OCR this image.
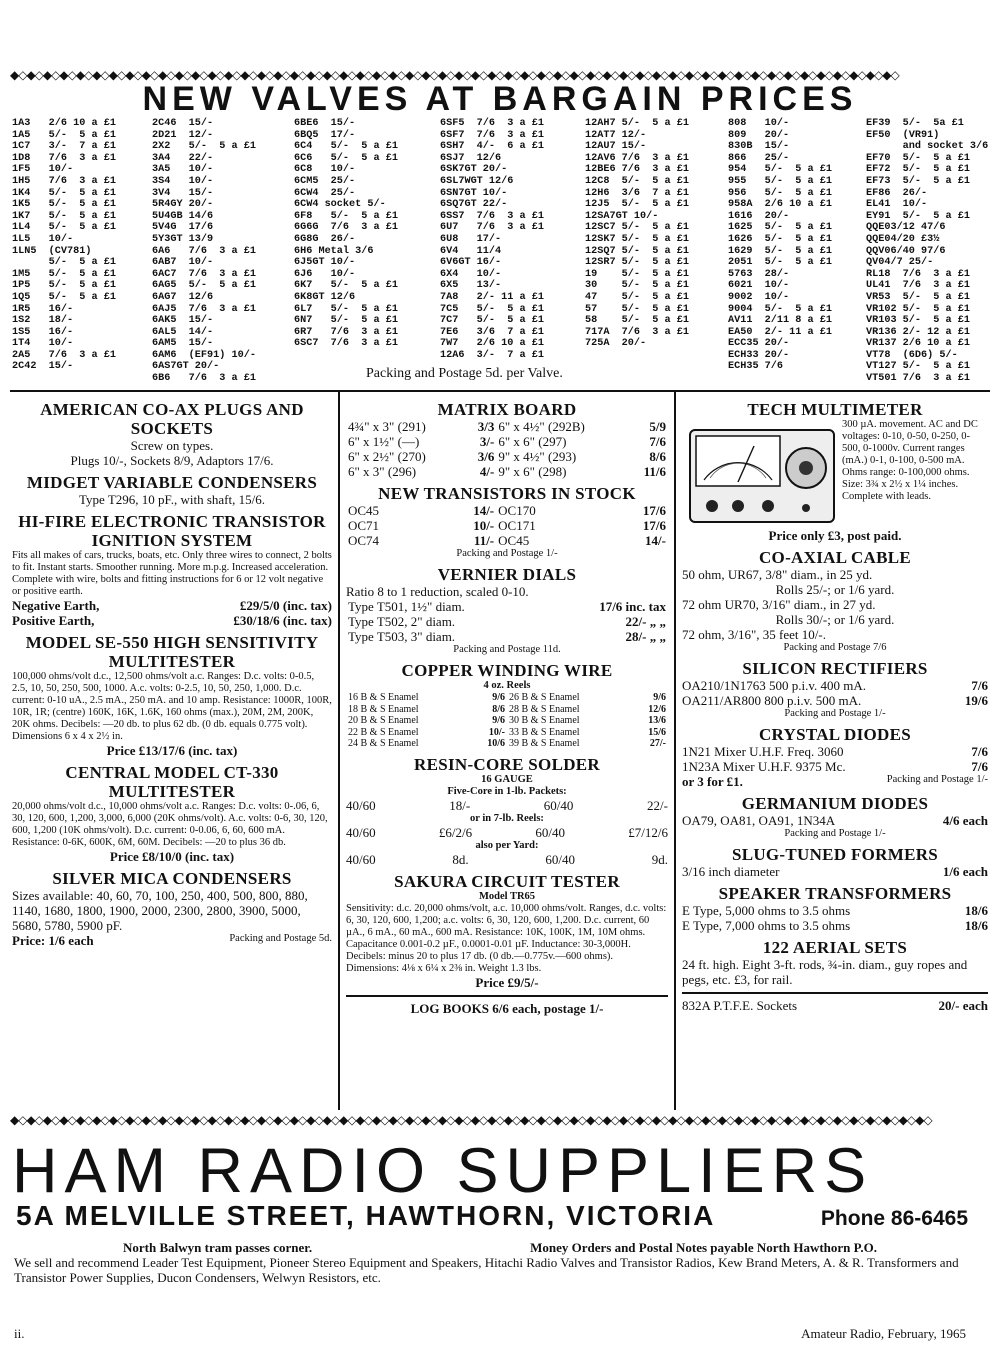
◆◇◆◇◆◇◆◇◆◇◆◇◆◇◆◇◆◇◆◇◆◇◆◇◆◇◆◇◆◇◆◇◆◇◆◇◆◇◆◇◆◇◆◇◆◇◆◇◆◇◆◇◆◇◆◇◆◇◆◇◆◇◆◇◆◇◆◇◆◇◆◇◆◇◆◇◆◇◆◇◆◇◆◇◆◇◆◇◆◇◆◇◆◇◆◇◆◇◆◇◆◇◆◇◆◇◆◇
◆◇◆◇◆◇◆◇◆◇◆◇◆◇◆◇◆◇◆◇◆◇◆◇◆◇◆◇◆◇◆◇◆◇◆◇◆◇◆◇◆◇◆◇◆◇◆◇◆◇◆◇◆◇◆◇◆◇◆◇◆◇◆◇◆◇◆◇◆◇◆◇◆◇◆◇◆◇◆◇◆◇◆◇◆◇◆◇◆◇◆◇◆◇◆◇◆◇◆◇◆◇◆◇◆◇◆◇◆◇◆◇
NEW VALVES AT BARGAIN PRICES
1A3   2/6 10 a £1
1A5   5/-  5 a £1
1C7   3/-  7 a £1
1D8   7/6  3 a £1
1F5   10/-
1H5   7/6  3 a £1
1K4   5/-  5 a £1
1K5   5/-  5 a £1
1K7   5/-  5 a £1
1L4   5/-  5 a £1
1L5   10/-
1LN5  (CV781)
5/-  5 a £1
1M5   5/-  5 a £1
1P5   5/-  5 a £1
1Q5   5/-  5 a £1
1R5   16/-
1S2   18/-
1S5   16/-
1T4   10/-
2A5   7/6  3 a £1
2C42  15/-
2C46  15/-
2D21  12/-
2X2   5/-  5 a £1
3A4   22/-
3A5   10/-
3S4   10/-
3V4   15/-
5R4GY 20/-
5U4GB 14/6
5V4G  17/6
5Y3GT 13/9
6A6   7/6  3 a £1
6AB7  10/-
6AC7  7/6  3 a £1
6AG5  5/-  5 a £1
6AG7  12/6
6AJ5  7/6  3 a £1
6AK5  15/-
6AL5  14/-
6AM5  15/-
6AM6  (EF91) 10/-
6AS7GT 20/-
6B6   7/6  3 a £1
6BE6  15/-
6BQ5  17/-
6C4   5/-  5 a £1
6C6   5/-  5 a £1
6C8   10/-
6CM5  25/-
6CW4  25/-
6CW4 socket 5/-
6F8   5/-  5 a £1
6G6G  7/6  3 a £1
6G8G  26/-
6H6 Metal 3/6
6J5GT 10/-
6J6   10/-
6K7   5/-  5 a £1
6K8GT 12/6
6L7   5/-  5 a £1
6N7   5/-  5 a £1
6R7   7/6  3 a £1
6SC7  7/6  3 a £1
6SF5  7/6  3 a £1
6SF7  7/6  3 a £1
6SH7  4/-  6 a £1
6SJ7  12/6
6SK7GT 20/-
6SL7WGT 12/6
6SN7GT 10/-
6SQ7GT 22/-
6SS7  7/6  3 a £1
6U7   7/6  3 a £1
6U8   17/-
6V4   11/4
6V6GT 16/-
6X4   10/-
6X5   13/-
7A8   2/- 11 a £1
7C5   5/-  5 a £1
7C7   5/-  5 a £1
7E6   3/6  7 a £1
7W7   2/6 10 a £1
12A6  3/-  7 a £1
12AH7 5/-  5 a £1
12AT7 12/-
12AU7 15/-
12AV6 7/6  3 a £1
12BE6 7/6  3 a £1
12C8  5/-  5 a £1
12H6  3/6  7 a £1
12J5  5/-  5 a £1
12SA7GT 10/-
12SC7 5/-  5 a £1
12SK7 5/-  5 a £1
12SQ7 5/-  5 a £1
12SR7 5/-  5 a £1
19    5/-  5 a £1
30    5/-  5 a £1
47    5/-  5 a £1
57    5/-  5 a £1
58    5/-  5 a £1
717A  7/6  3 a £1
725A  20/-
808   10/-
809   20/-
830B  15/-
866   25/-
954   5/-  5 a £1
955   5/-  5 a £1
956   5/-  5 a £1
958A  2/6 10 a £1
1616  20/-
1625  5/-  5 a £1
1626  5/-  5 a £1
1629  5/-  5 a £1
2051  5/-  5 a £1
5763  28/-
6021  10/-
9002  10/-
9004  5/-  5 a £1
AV11  2/11 8 a £1
EA50  2/- 11 a £1
ECC35 20/-
ECH33 20/-
ECH35 7/6
EF39  5/-  5a £1
EF50  (VR91)
and socket 3/6
EF70  5/-  5 a £1
EF72  5/-  5 a £1
EF73  5/-  5 a £1
EF86  26/-
EL41  10/-
EY91  5/-  5 a £1
QQE03/12 47/6
QQE04/20 £3½
QQV06/40 97/6
QV04/7 25/-
RL18  7/6  3 a £1
UL41  7/6  3 a £1
VR53  5/-  5 a £1
VR102 5/-  5 a £1
VR103 5/-  5 a £1
VR136 2/- 12 a £1
VR137 2/6 10 a £1
VT78  (6D6) 5/-
VT127 5/-  5 a £1
VT501 7/6  3 a £1
Packing and Postage 5d. per Valve.
AMERICAN CO-AX PLUGS AND SOCKETS
Screw on types.
Plugs 10/-, Sockets 8/9, Adaptors 17/6.
MIDGET VARIABLE CONDENSERS
Type T296, 10 pF., with shaft, 15/6.
HI-FIRE ELECTRONIC TRANSISTOR IGNITION SYSTEM
Fits all makes of cars, trucks, boats, etc. Only three wires to connect, 2 bolts to fit. Instant starts. Smoother running. More m.p.g. Increased acceleration. Complete with wire, bolts and fitting instructions for 6 or 12 volt negative or positive earth.
Negative Earth,	£29/5/0 (inc. tax)
Positive Earth,	£30/18/6 (inc. tax)
MODEL SE-550 HIGH SENSITIVITY MULTITESTER
100,000 ohms/volt d.c., 12,500 ohms/volt a.c. Ranges: D.c. volts: 0-0.5, 2.5, 10, 50, 250, 500, 1000. A.c. volts: 0-2.5, 10, 50, 250, 1,000. D.c. current: 0-10 uA., 2.5 mA., 250 mA. and 10 amp. Resistance: 1000R, 100R, 10R, 1R; (centre) 160K, 16K, 1.6K, 160 ohms (max.), 20M, 2M, 200K, 20K ohms. Decibels: —20 db. to plus 62 db. (0 db. equals 0.775 volt). Dimensions 6 x 4 x 2½ in.
Price £13/17/6 (inc. tax)
CENTRAL MODEL CT-330 MULTITESTER
20,000 ohms/volt d.c., 10,000 ohms/volt a.c. Ranges: D.c. volts: 0-.06, 6, 30, 120, 600, 1,200, 3,000, 6,000 (20K ohms/volt). A.c. volts: 0-6, 30, 120, 600, 1,200 (10K ohms/volt). D.c. current: 0-0.06, 6, 60, 600 mA. Resistance: 0-6K, 600K, 6M, 60M. Decibels: —20 to plus 36 db.
Price £8/10/0 (inc. tax)
SILVER MICA CONDENSERS
Sizes available: 40, 60, 70, 100, 250, 400, 500, 800, 880, 1140, 1680, 1800, 1900, 2000, 2300, 2800, 3900, 5000, 5680, 5780, 5900 pF.
Price: 1/6 each	Packing and Postage 5d.
MATRIX BOARD
4¾" x 3" (291)	3/3	6" x 4½" (292B)	5/9
6" x 1½" (—)	3/-	6" x 6" (297)	7/6
6" x 2½" (270)	3/6	9" x 4½" (293)	8/6
6" x 3" (296)	4/-	9" x 6" (298)	11/6
NEW TRANSISTORS IN STOCK
OC45	14/-	OC170	17/6
OC71	10/-	OC171	17/6
OC74	11/-	OC45	14/-
Packing and Postage 1/-
VERNIER DIALS
Ratio 8 to 1 reduction, scaled 0-10.
Type T501, 1½" diam.	17/6 inc. tax
Type T502, 2" diam.	22/- „ „
Type T503, 3" diam.	28/- „ „
Packing and Postage 11d.
COPPER WINDING WIRE
4 oz. Reels
16 B & S Enamel	9/6	26 B & S Enamel	9/6
18 B & S Enamel	8/6	28 B & S Enamel	12/6
20 B & S Enamel	9/6	30 B & S Enamel	13/6
22 B & S Enamel	10/-	33 B & S Enamel	15/6
24 B & S Enamel	10/6	39 B & S Enamel	27/-
RESIN-CORE SOLDER
16 GAUGE
Five-Core in 1-lb. Packets:
40/60	18/-	60/40	22/-
or in 7-lb. Reels:
40/60	£6/2/6	60/40	£7/12/6
also per Yard:
40/60	8d.	60/40	9d.
SAKURA CIRCUIT TESTER
Model TR65
Sensitivity: d.c. 20,000 ohms/volt, a.c. 10,000 ohms/volt. Ranges, d.c. volts: 6, 30, 120, 600, 1,200; a.c. volts: 6, 30, 120, 600, 1,200. D.c. current, 60 µA., 6 mA., 60 mA., 600 mA. Resistance: 10K, 100K, 1M, 10M ohms. Capacitance 0.001-0.2 µF., 0.0001-0.01 µF. Inductance: 30-3,000H. Decibels: minus 20 to plus 17 db. (0 db.—0.775v.—600 ohms). Dimensions: 4⅛ x 6¼ x 2⅜ in. Weight 1.3 lbs.
Price £9/5/-
LOG BOOKS 6/6 each, postage 1/-
TECH MULTIMETER
300 µA. movement. AC and DC voltages: 0-10, 0-50, 0-250, 0-500, 0-1000v. Current ranges (mA.) 0-1, 0-100, 0-500 mA. Ohms range: 0-100,000 ohms. Size: 3¾ x 2½ x 1¼ inches. Complete with leads.
Price only £3, post paid.
CO-AXIAL CABLE
50 ohm, UR67, 3/8" diam., in 25 yd.
Rolls 25/-; or 1/6 yard.
72 ohm UR70, 3/16" diam., in 27 yd.
Rolls 30/-; or 1/6 yard.
72 ohm, 3/16", 35 feet 10/-.
Packing and Postage 7/6
SILICON RECTIFIERS
OA210/1N1763 500 p.i.v. 400 mA.	7/6
OA211/AR800 800 p.i.v. 500 mA.	19/6
Packing and Postage 1/-
CRYSTAL DIODES
1N21 Mixer U.H.F. Freq. 3060	7/6
1N23A Mixer U.H.F. 9375 Mc.	7/6
or 3 for £1.	Packing and Postage 1/-
GERMANIUM DIODES
OA79, OA81, OA91, 1N34A	4/6 each
Packing and Postage 1/-
SLUG-TUNED FORMERS
3/16 inch diameter	1/6 each
SPEAKER TRANSFORMERS
E Type, 5,000 ohms to 3.5 ohms	18/6
E Type, 7,000 ohms to 3.5 ohms	18/6
122 AERIAL SETS
24 ft. high. Eight 3-ft. rods, ¾-in. diam., guy ropes and pegs, etc. £3, for rail.
832A P.T.F.E. Sockets	20/- each
HAM RADIO SUPPLIERS
5A MELVILLE STREET, HAWTHORN, VICTORIA	Phone 86-6465
North Balwyn tram passes corner.	Money Orders and Postal Notes payable North Hawthorn P.O.
We sell and recommend Leader Test Equipment, Pioneer Stereo Equipment and Speakers, Hitachi Radio Valves and Transistor Radios, Kew Brand Meters, A. & R. Transformers and Transistor Power Supplies, Ducon Condensers, Welwyn Resistors, etc.
ii.	Amateur Radio, February, 1965
